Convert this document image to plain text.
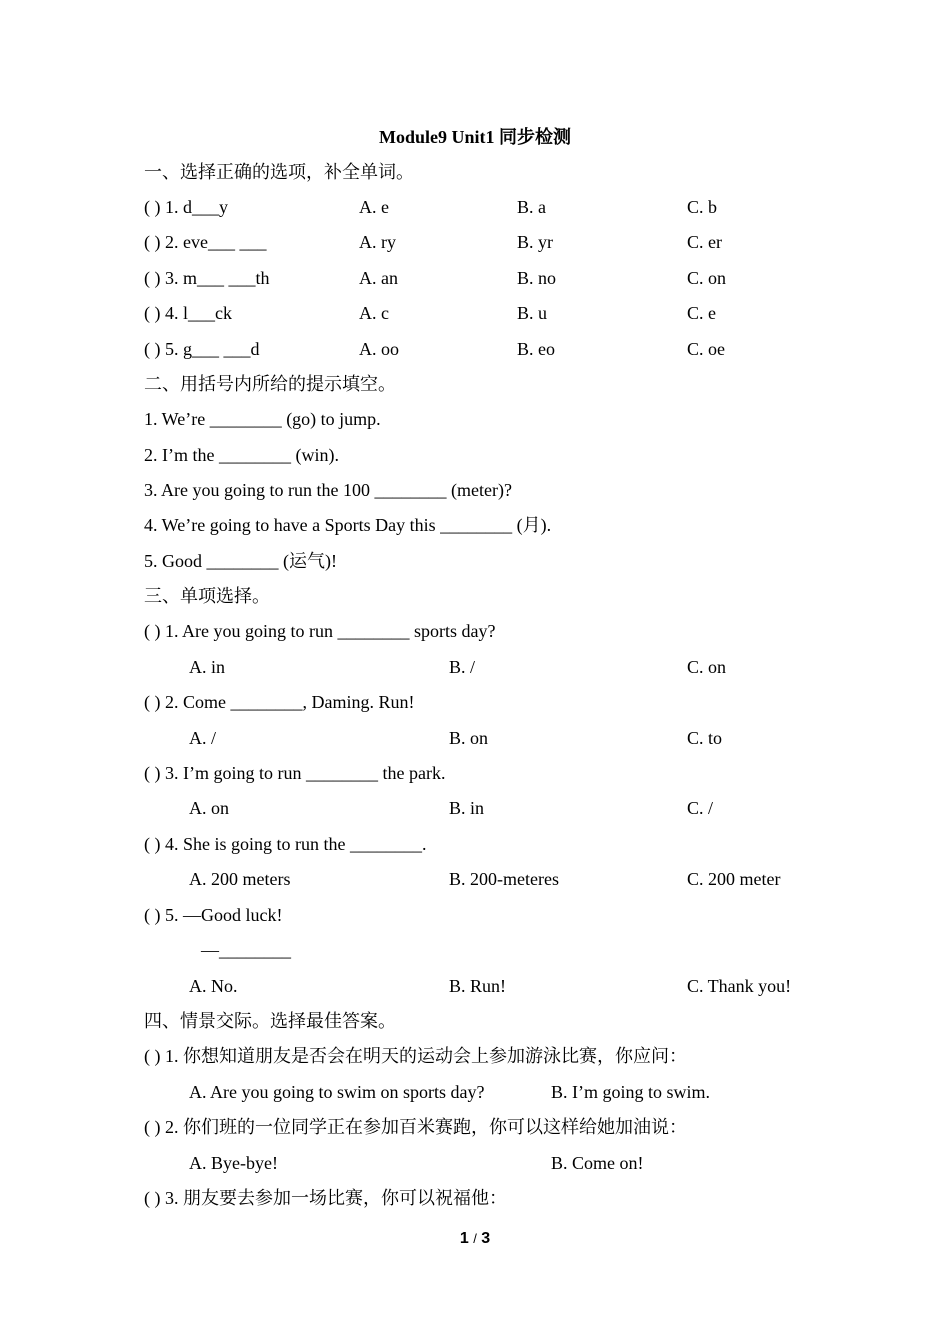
Module9 Unit1 同步检测
一、选择正确的选项，补全单词。
( ) 1. d___y	A. e	B. a	C. b
( ) 2. eve___ ___	A. ry	B. yr	C. er
( ) 3. m___ ___th	A. an	B. no	C. on
( ) 4. l___ck	A. c	B. u	C. e
( ) 5. g___ ___d	A. oo	B. eo	C. oe
二、用括号内所给的提示填空。
1. We’re ________ (go) to jump.
2. I’m the ________ (win).
3. Are you going to run the 100 ________ (meter)?
4. We’re going to have a Sports Day this ________ (月).
5. Good ________ (运气)!
三、单项选择。
( ) 1. Are you going to run ________ sports day?
A. in	B. /	C. on
( ) 2. Come ________, Daming. Run!
A. /	B. on	C. to
( ) 3. I’m going to run ________ the park.
A. on	B. in	C. /
( ) 4. She is going to run the ________.
A. 200 meters	B. 200-meteres	C. 200 meter
( ) 5. —Good luck!
—________
A. No.	B. Run!	C. Thank you!
四、情景交际。选择最佳答案。
( ) 1. 你想知道朋友是否会在明天的运动会上参加游泳比赛，你应问：
A. Are you going to swim on sports day?	B. I’m going to swim.
( ) 2. 你们班的一位同学正在参加百米赛跑，你可以这样给她加油说：
A. Bye-bye!	B. Come on!
( ) 3. 朋友要去参加一场比赛，你可以祝福他：
1 / 3
